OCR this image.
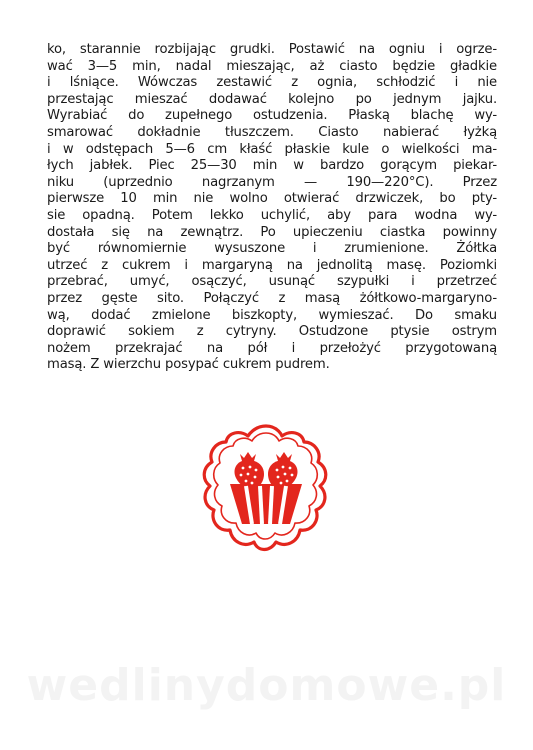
ko, starannie rozbijając grudki. Postawić na ogniu i ogrze-
wać 3—5 min, nadal mieszając, aż ciasto będzie gładkie
i lśniące. Wówczas zestawić z ognia, schłodzić i nie
przestając mieszać dodawać kolejno po jednym jajku.
Wyrabiać do zupełnego ostudzenia. Płaską blachę wy-
smarować dokładnie tłuszczem. Ciasto nabierać łyżką
i w odstępach 5—6 cm kłaść płaskie kule o wielkości ma-
łych jabłek. Piec 25—30 min w bardzo gorącym piekar-
niku (uprzednio nagrzanym — 190—220°C). Przez
pierwsze 10 min nie wolno otwierać drzwiczek, bo pty-
sie opadną. Potem lekko uchylić, aby para wodna wy-
dostała się na zewnątrz. Po upieczeniu ciastka powinny
być równomiernie wysuszone i zrumienione. Żółtka
utrzeć z cukrem i margaryną na jednolitą masę. Poziomki
przebrać, umyć, osączyć, usunąć szypułki i przetrzeć
przez gęste sito. Połączyć z masą żółtkowo-margaryno-
wą, dodać zmielone biszkopty, wymieszać. Do smaku
doprawić sokiem z cytryny. Ostudzone ptysie ostrym
nożem przekrajać na pół i przełożyć przygotowaną
masą. Z wierzchu posypać cukrem pudrem.
wedlinydomowe.pl
